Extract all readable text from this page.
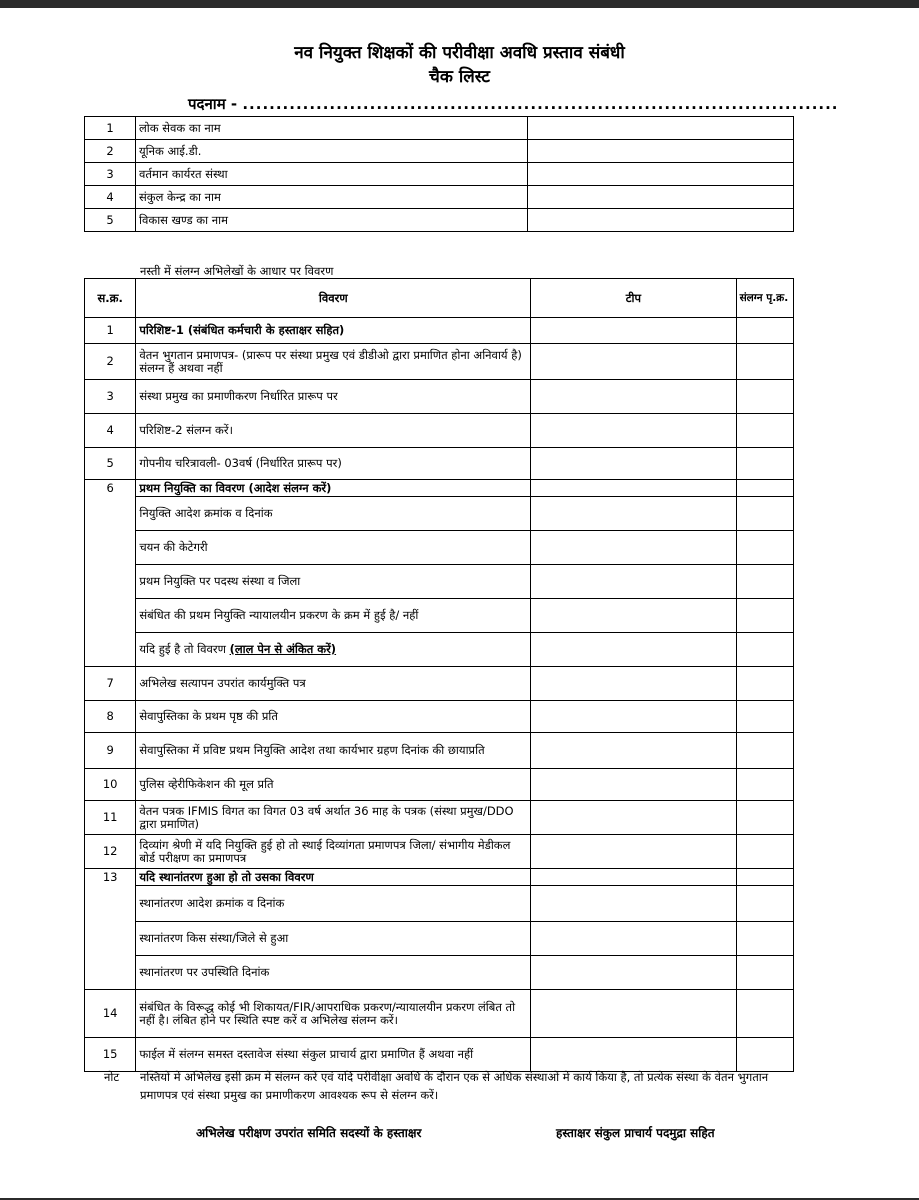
नव नियुक्त शिक्षकों की परीवीक्षा अवधि प्रस्ताव संबंधी
चैक लिस्ट
पदनाम - .........................................................................................
1	लोक सेवक का नाम	
2	यूनिक आई.डी.	
3	वर्तमान कार्यरत संस्था	
4	संकुल केन्द्र का नाम	
5	विकास खण्ड का नाम	
नस्ती में संलग्न अभिलेखों के आधार पर विवरण
स.क्र.	विवरण	टीप	संलग्न पृ.क्र.
1	परिशिष्ट-1 (संबंधित कर्मचारी के हस्ताक्षर सहित)		
2	वेतन भुगतान प्रमाणपत्र- (प्रारूप पर संस्था प्रमुख एवं डीडीओ द्वारा प्रमाणित होना अनिवार्य है) संलग्न हैं अथवा नहीं		
3	संस्था प्रमुख का प्रमाणीकरण निर्धारित प्रारूप पर		
4	परिशिष्ट-2 संलग्न करें।		
5	गोपनीय चरित्रावली- 03वर्ष (निर्धारित प्रारूप पर)		
6	प्रथम नियुक्ति का विवरण (आदेश संलग्न करें)		
	नियुक्ति आदेश क्रमांक व दिनांक		
	चयन की केटेगरी		
	प्रथम नियुक्ति पर पदस्थ संस्था व जिला		
	संबंधित की प्रथम नियुक्ति न्यायालयीन प्रकरण के क्रम में हुई है/ नहीं		
	यदि हुई है तो विवरण (लाल पेन से अंकित करें)		
7	अभिलेख सत्यापन उपरांत कार्यमुक्ति पत्र		
8	सेवापुस्तिका के प्रथम पृष्ठ की प्रति		
9	सेवापुस्तिका में प्रविष्ट प्रथम नियुक्ति आदेश तथा कार्यभार ग्रहण दिनांक की छायाप्रति		
10	पुलिस व्हेरीफिकेशन की मूल प्रति		
11	वेतन पत्रक IFMIS विगत का विगत 03 वर्ष अर्थात 36 माह के पत्रक (संस्था प्रमुख/DDO द्वारा प्रमाणित)		
12	दिव्यांग श्रेणी में यदि नियुक्ति हुई हो तो स्थाई दिव्यांगता प्रमाणपत्र जिला/ संभागीय मेडीकल बोर्ड परीक्षण का प्रमाणपत्र		
13	यदि स्थानांतरण हुआ हो तो उसका विवरण		
	स्थानांतरण आदेश क्रमांक व दिनांक		
	स्थानांतरण किस संस्था/जिले से हुआ		
	स्थानांतरण पर उपस्थिति दिनांक		
14	संबंधित के विरूद्ध कोई भी शिकायत/FIR/आपराधिक प्रकरण/न्यायालयीन प्रकरण लंबित तो नहीं है। लंबित होने पर स्थिति स्पष्ट करें व अभिलेख संलग्न करें।		
15	फाईल में संलग्न समस्त दस्तावेज संस्था संकुल प्राचार्य द्वारा प्रमाणित हैं अथवा नहीं		
नोट नस्तियों में अभिलेख इसी क्रम में संलग्न करें एवं यदि परीवीक्षा अवधि के दौरान एक से अधिक संस्थाओं में कार्य किया है, तो प्रत्येक संस्था के वेतन भुगतान प्रमाणपत्र एवं संस्था प्रमुख का प्रमाणीकरण आवश्यक रूप से संलग्न करें।
अभिलेख परीक्षण उपरांत समिति सदस्यों के हस्ताक्षर	हस्ताक्षर संकुल प्राचार्य पदमुद्रा सहित
